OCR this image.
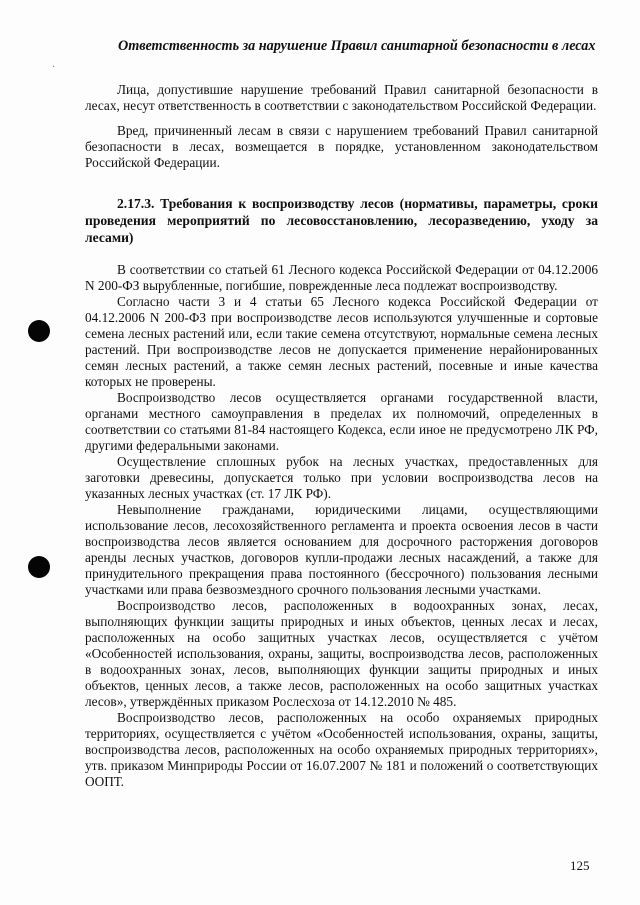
·
Ответственность за нарушение Правил санитарной безопасности в лесах

Лица, допустившие нарушение требований Правил санитарной безопасности в лесах, несут ответственность в соответствии с законодательством Российской Федерации.

Вред, причиненный лесам в связи с нарушением требований Правил санитарной безопасности в лесах, возмещается в порядке, установленном законодательством Российской Федерации.

2.17.3. Требования к воспроизводству лесов (нормативы, параметры, сроки проведения мероприятий по лесовосстановлению, лесоразведению, уходу за лесами)

В соответствии со статьей 61 Лесного кодекса Российской Федерации от 04.12.2006 N 200-ФЗ вырубленные, погибшие, поврежденные леса подлежат воспроизводству.

Согласно части 3 и 4 статьи 65 Лесного кодекса Российской Федерации от 04.12.2006 N 200-ФЗ при воспроизводстве лесов используются улучшенные и сортовые семена лесных растений или, если такие семена отсутствуют, нормальные семена лесных растений. При воспроизводстве лесов не допускается применение нерайонированных семян лесных растений, а также семян лесных растений, посевные и иные качества которых не проверены.

Воспроизводство лесов осуществляется органами государственной власти, органами местного самоуправления в пределах их полномочий, определенных в соответствии со статьями 81-84 настоящего Кодекса, если иное не предусмотрено ЛК РФ, другими федеральными законами.

Осуществление сплошных рубок на лесных участках, предоставленных для заготовки древесины, допускается только при условии воспроизводства лесов на указанных лесных участках (ст. 17 ЛК РФ).

Невыполнение гражданами, юридическими лицами, осуществляющими использование лесов, лесохозяйственного регламента и проекта освоения лесов в части воспроизводства лесов является основанием для досрочного расторжения договоров аренды лесных участков, договоров купли-продажи лесных насаждений, а также для принудительного прекращения права постоянного (бессрочного) пользования лесными участками или права безвозмездного срочного пользования лесными участками.

Воспроизводство лесов, расположенных в водоохранных зонах, лесах, выполняющих функции защиты природных и иных объектов, ценных лесах и лесах, расположенных на особо защитных участках лесов, осуществляется с учётом «Особенностей использования, охраны, защиты, воспроизводства лесов, расположенных в водоохранных зонах, лесов, выполняющих функции защиты природных и иных объектов, ценных лесов, а также лесов, расположенных на особо защитных участках лесов», утверждённых приказом Рослесхоза от 14.12.2010 № 485.

Воспроизводство лесов, расположенных на особо охраняемых природных территориях, осуществляется с учётом «Особенностей использования, охраны, защиты, воспроизводства лесов, расположенных на особо охраняемых природных территориях», утв. приказом Минприроды России от 16.07.2007 № 181 и положений о соответствующих ООПТ.

125
